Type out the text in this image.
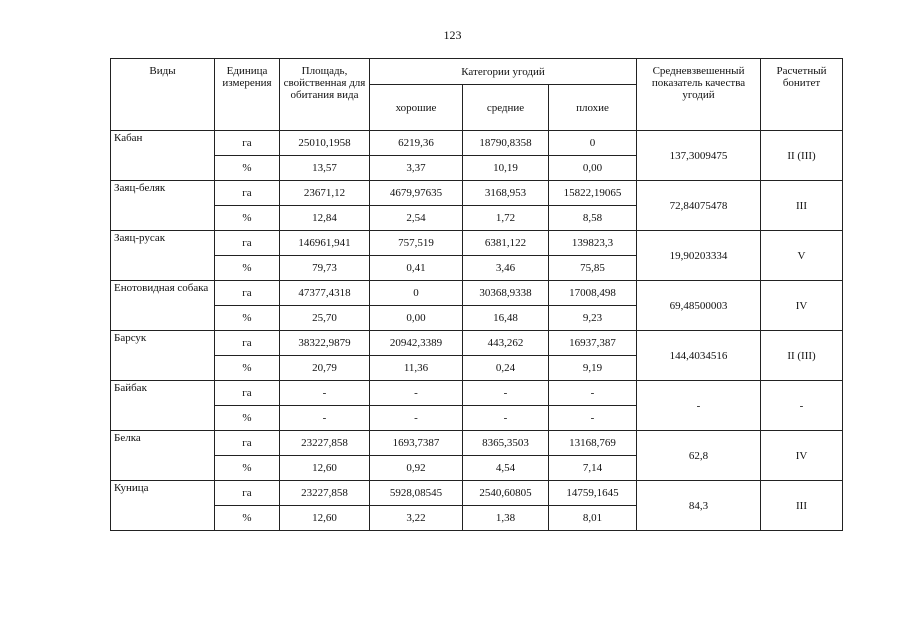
123
Виды	Единица измерения	Площадь, свойственная для обитания вида	Категории угодий			Средневзвешенный показатель качества угодий	Расчетный бонитет
			хорошие	средние	плохие		
Кабан	га	25010,1958	6219,36	18790,8358	0	137,3009475	II (III)
	%	13,57	3,37	10,19	0,00		
Заяц-беляк	га	23671,12	4679,97635	3168,953	15822,19065	72,84075478	III
	%	12,84	2,54	1,72	8,58		
Заяц-русак	га	146961,941	757,519	6381,122	139823,3	19,90203334	V
	%	79,73	0,41	3,46	75,85		
Енотовидная собака	га	47377,4318	0	30368,9338	17008,498	69,48500003	IV
	%	25,70	0,00	16,48	9,23		
Барсук	га	38322,9879	20942,3389	443,262	16937,387	144,4034516	II (III)
	%	20,79	11,36	0,24	9,19		
Байбак	га	-	-	-	-	-	-
	%	-	-	-	-		
Белка	га	23227,858	1693,7387	8365,3503	13168,769	62,8	IV
	%	12,60	0,92	4,54	7,14		
Куница	га	23227,858	5928,08545	2540,60805	14759,1645	84,3	III
	%	12,60	3,22	1,38	8,01		
